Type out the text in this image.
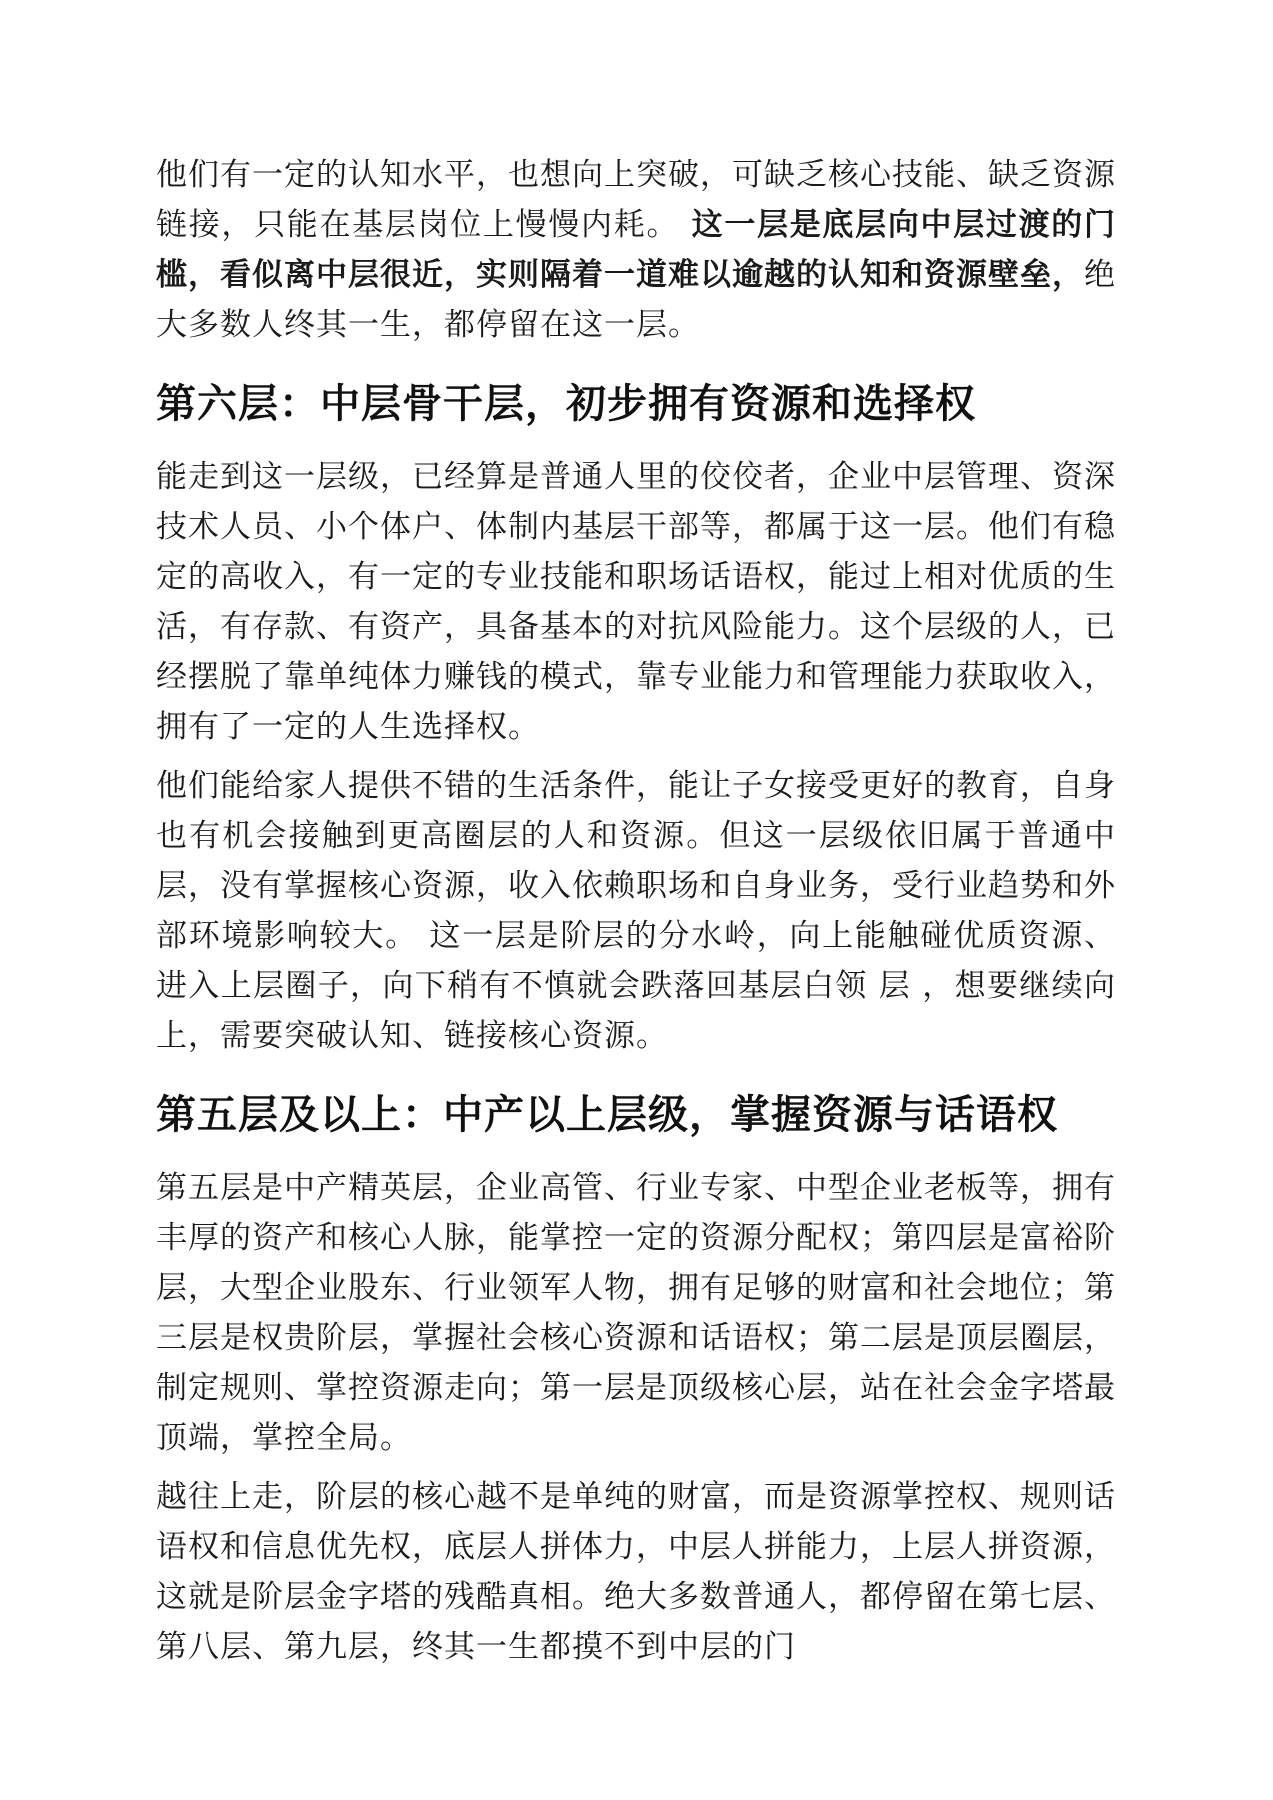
他们有一定的认知水平，也想向上突破，可缺乏核心技能、缺乏资源链接，只能在基层岗位上慢慢内耗。 这一层是底层向中层过渡的门槛，看似离中层很近，实则隔着一道难以逾越的认知和资源壁垒，绝大多数人终其一生，都停留在这一层。

第六层：中层骨干层，初步拥有资源和选择权

能走到这一层级，已经算是普通人里的佼佼者，企业中层管理、资深技术人员、小个体户、体制内基层干部等，都属于这一层。他们有稳定的高收入，有一定的专业技能和职场话语权，能过上相对优质的生活，有存款、有资产，具备基本的对抗风险能力。这个层级的人，已经摆脱了靠单纯体力赚钱的模式，靠专业能力和管理能力获取收入，拥有了一定的人生选择权。

他们能给家人提供不错的生活条件，能让子女接受更好的教育，自身也有机会接触到更高圈层的人和资源。但这一层级依旧属于普通中层，没有掌握核心资源，收入依赖职场和自身业务，受行业趋势和外部环境影响较大。 这一层是阶层的分水岭，向上能触碰优质资源、进入上层圈子，向下稍有不慎就会跌落回基层白领 层 ，想要继续向上，需要突破认知、链接核心资源。

第五层及以上：中产以上层级，掌握资源与话语权

第五层是中产精英层，企业高管、行业专家、中型企业老板等，拥有丰厚的资产和核心人脉，能掌控一定的资源分配权；第四层是富裕阶层，大型企业股东、行业领军人物，拥有足够的财富和社会地位；第三层是权贵阶层，掌握社会核心资源和话语权；第二层是顶层圈层，制定规则、掌控资源走向；第一层是顶级核心层，站在社会金字塔最顶端，掌控全局。

越往上走，阶层的核心越不是单纯的财富，而是资源掌控权、规则话语权和信息优先权，底层人拼体力，中层人拼能力，上层人拼资源，这就是阶层金字塔的残酷真相。绝大多数普通人，都停留在第七层、第八层、第九层，终其一生都摸不到中层的门
